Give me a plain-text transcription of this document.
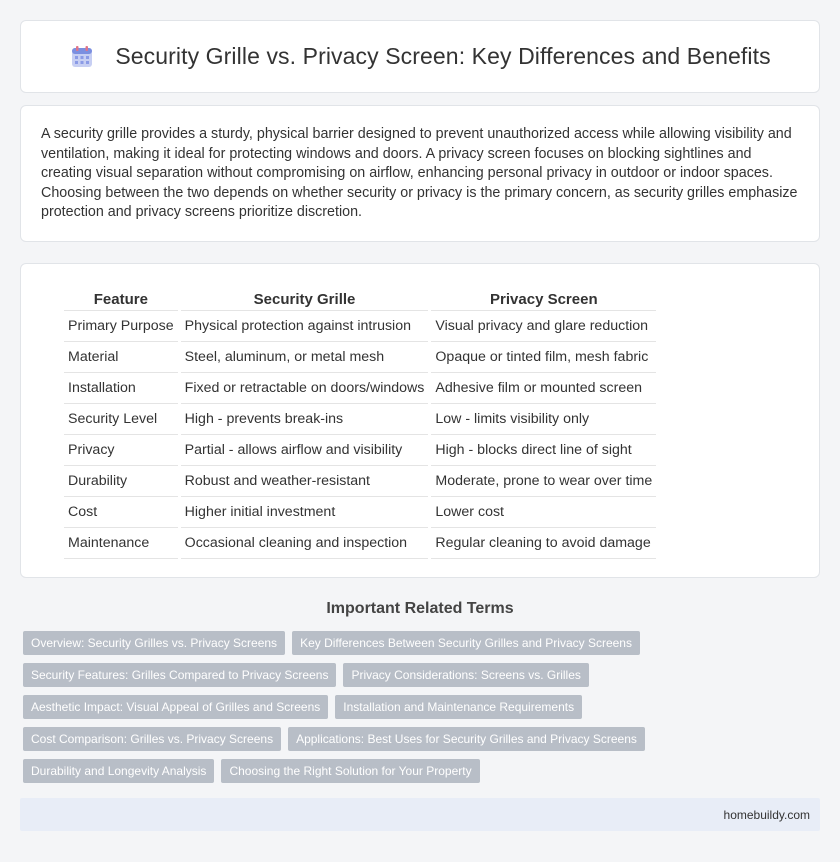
Security Grille vs. Privacy Screen: Key Differences and Benefits

A security grille provides a sturdy, physical barrier designed to prevent unauthorized access while allowing visibility and ventilation, making it ideal for protecting windows and doors. A privacy screen focuses on blocking sightlines and creating visual separation without compromising on airflow, enhancing personal privacy in outdoor or indoor spaces. Choosing between the two depends on whether security or privacy is the primary concern, as security grilles emphasize protection and privacy screens prioritize discretion.

Feature	Security Grille	Privacy Screen
Primary Purpose	Physical protection against intrusion	Visual privacy and glare reduction
Material	Steel, aluminum, or metal mesh	Opaque or tinted film, mesh fabric
Installation	Fixed or retractable on doors/windows	Adhesive film or mounted screen
Security Level	High - prevents break-ins	Low - limits visibility only
Privacy	Partial - allows airflow and visibility	High - blocks direct line of sight
Durability	Robust and weather-resistant	Moderate, prone to wear over time
Cost	Higher initial investment	Lower cost
Maintenance	Occasional cleaning and inspection	Regular cleaning to avoid damage
Important Related Terms
Overview: Security Grilles vs. Privacy Screens	Key Differences Between Security Grilles and Privacy Screens
Security Features: Grilles Compared to Privacy Screens	Privacy Considerations: Screens vs. Grilles
Aesthetic Impact: Visual Appeal of Grilles and Screens	Installation and Maintenance Requirements
Cost Comparison: Grilles vs. Privacy Screens	Applications: Best Uses for Security Grilles and Privacy Screens
Durability and Longevity Analysis	Choosing the Right Solution for Your Property
homebuildy.com
